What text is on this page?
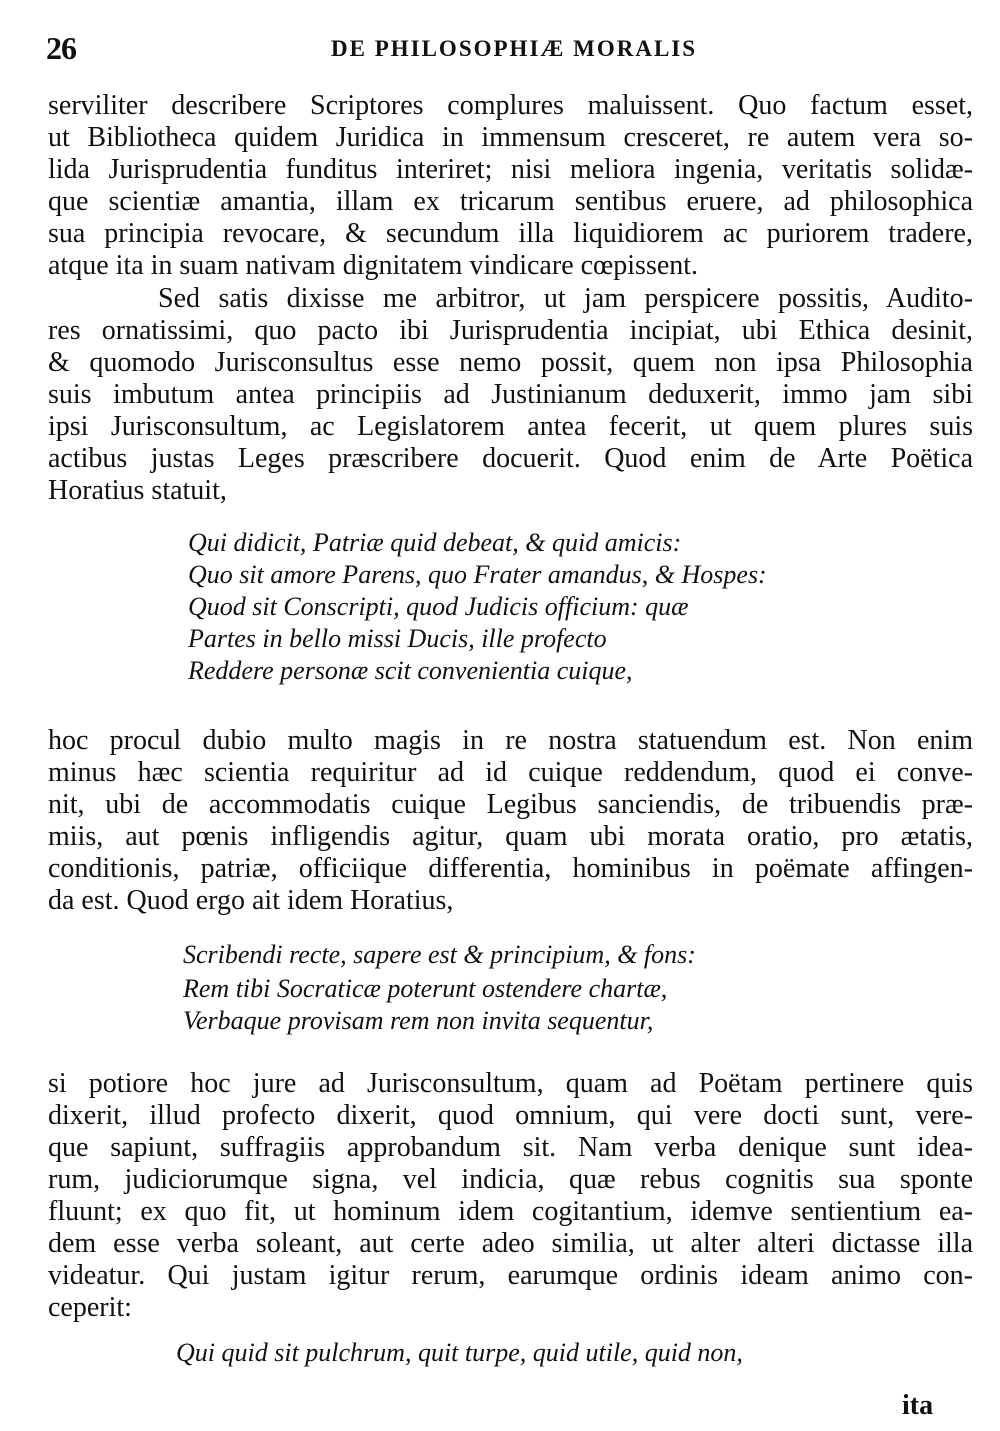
26	DE PHILOSOPHIÆ MORALIS
serviliter describere Scriptores complures maluissent. Quo factum esset,
ut Bibliotheca quidem Juridica in immensum cresceret, re autem vera so-
lida Jurisprudentia funditus interiret; nisi meliora ingenia, veritatis solidæ-
que scientiæ amantia, illam ex tricarum sentibus eruere, ad philosophica
sua principia revocare, & secundum illa liquidiorem ac puriorem tradere,
atque ita in suam nativam dignitatem vindicare cœpissent.
Sed satis dixisse me arbitror, ut jam perspicere possitis, Audito-
res ornatissimi, quo pacto ibi Jurisprudentia incipiat, ubi Ethica desinit,
& quomodo Jurisconsultus esse nemo possit, quem non ipsa Philosophia
suis imbutum antea principiis ad Justinianum deduxerit, immo jam sibi
ipsi Jurisconsultum, ac Legislatorem antea fecerit, ut quem plures suis
actibus justas Leges præscribere docuerit. Quod enim de Arte Poëtica
Horatius statuit,
Qui didicit, Patriæ quid debeat, & quid amicis:
Quo sit amore Parens, quo Frater amandus, & Hospes:
Quod sit Conscripti, quod Judicis officium: quæ
Partes in bello missi Ducis, ille profecto
Reddere personæ scit convenientia cuique,
hoc procul dubio multo magis in re nostra statuendum est. Non enim
minus hæc scientia requiritur ad id cuique reddendum, quod ei conve-
nit, ubi de accommodatis cuique Legibus sanciendis, de tribuendis præ-
miis, aut pœnis infligendis agitur, quam ubi morata oratio, pro ætatis,
conditionis, patriæ, officiique differentia, hominibus in poëmate affingen-
da est. Quod ergo ait idem Horatius,
Scribendi recte, sapere est & principium, & fons:
Rem tibi Socraticæ poterunt ostendere chartæ,
Verbaque provisam rem non invita sequentur,
si potiore hoc jure ad Jurisconsultum, quam ad Poëtam pertinere quis
dixerit, illud profecto dixerit, quod omnium, qui vere docti sunt, vere-
que sapiunt, suffragiis approbandum sit. Nam verba denique sunt idea-
rum, judiciorumque signa, vel indicia, quæ rebus cognitis sua sponte
fluunt; ex quo fit, ut hominum idem cogitantium, idemve sentientium ea-
dem esse verba soleant, aut certe adeo similia, ut alter alteri dictasse illa
videatur. Qui justam igitur rerum, earumque ordinis ideam animo con-
ceperit:
Qui quid sit pulchrum, quit turpe, quid utile, quid non,
ita
